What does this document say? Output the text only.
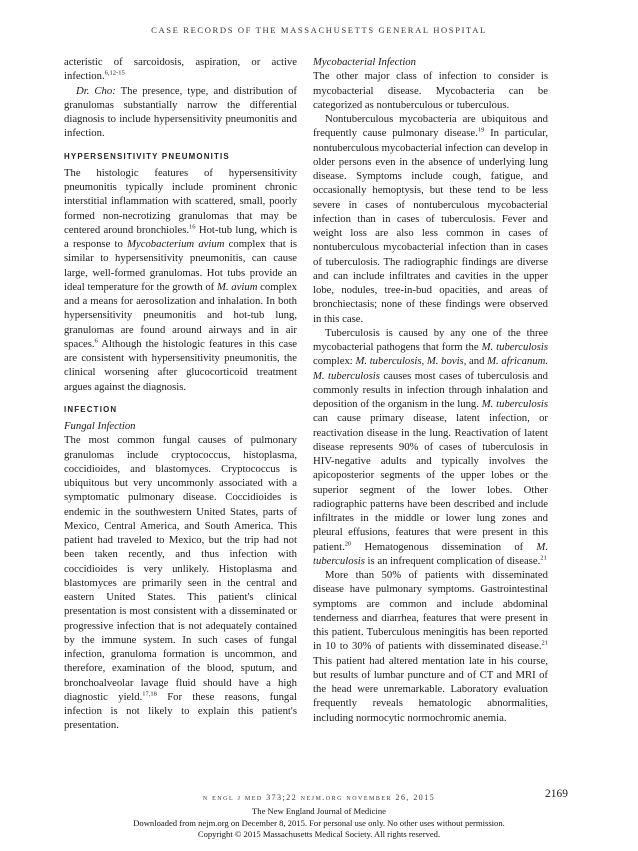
CASE RECORDS OF THE MASSACHUSETTS GENERAL HOSPITAL

acteristic of sarcoidosis, aspiration, or active infection.$^{6,12-15}$

Dr. Cho: The presence, type, and distribution of granulomas substantially narrow the differential diagnosis to include hypersensitivity pneumonitis and infection.

HYPERSENSITIVITY PNEUMONITIS

The histologic features of hypersensitivity pneumonitis typically include prominent chronic interstitial inflammation with scattered, small, poorly formed non-necrotizing granulomas that may be centered around bronchioles.$^{16}$ Hot-tub lung, which is a response to Mycobacterium avium complex that is similar to hypersensitivity pneumonitis, can cause large, well-formed granulomas. Hot tubs provide an ideal temperature for the growth of M. avium complex and a means for aerosolization and inhalation. In both hypersensitivity pneumonitis and hot-tub lung, granulomas are found around airways and in air spaces.$^6$ Although the histologic features in this case are consistent with hypersensitivity pneumonitis, the clinical worsening after glucocorticoid treatment argues against the diagnosis.

INFECTION
Fungal Infection

The most common fungal causes of pulmonary granulomas include cryptococcus, histoplasma, coccidioides, and blastomyces. Cryptococcus is ubiquitous but very uncommonly associated with a symptomatic pulmonary disease. Coccidioides is endemic in the southwestern United States, parts of Mexico, Central America, and South America. This patient had traveled to Mexico, but the trip had not been taken recently, and thus infection with coccidioides is very unlikely. Histoplasma and blastomyces are primarily seen in the central and eastern United States. This patient's clinical presentation is most consistent with a disseminated or progressive infection that is not adequately contained by the immune system. In such cases of fungal infection, granuloma formation is uncommon, and therefore, examination of the blood, sputum, and bronchoalveolar lavage fluid should have a high diagnostic yield.$^{17,18}$ For these reasons, fungal infection is not likely to explain this patient's presentation.

Mycobacterial Infection

The other major class of infection to consider is mycobacterial disease. Mycobacteria can be categorized as nontuberculous or tuberculous.

Nontuberculous mycobacteria are ubiquitous and frequently cause pulmonary disease.$^{19}$ In particular, nontuberculous mycobacterial infection can develop in older persons even in the absence of underlying lung disease. Symptoms include cough, fatigue, and occasionally hemoptysis, but these tend to be less severe in cases of nontuberculous mycobacterial infection than in cases of tuberculosis. Fever and weight loss are also less common in cases of nontuberculous mycobacterial infection than in cases of tuberculosis. The radiographic findings are diverse and can include infiltrates and cavities in the upper lobe, nodules, tree-in-bud opacities, and areas of bronchiectasis; none of these findings were observed in this case.

Tuberculosis is caused by any one of the three mycobacterial pathogens that form the M. tuberculosis complex: M. tuberculosis, M. bovis, and M. africanum. M. tuberculosis causes most cases of tuberculosis and commonly results in infection through inhalation and deposition of the organism in the lung. M. tuberculosis can cause primary disease, latent infection, or reactivation disease in the lung. Reactivation of latent disease represents 90% of cases of tuberculosis in HIV-negative adults and typically involves the apicoposterior segments of the upper lobes or the superior segment of the lower lobes. Other radiographic patterns have been described and include infiltrates in the middle or lower lung zones and pleural effusions, features that were present in this patient.$^{20}$ Hematogenous dissemination of M. tuberculosis is an infrequent complication of disease.$^{21}$

More than 50% of patients with disseminated disease have pulmonary symptoms. Gastrointestinal symptoms are common and include abdominal tenderness and diarrhea, features that were present in this patient. Tuberculous meningitis has been reported in 10 to 30% of patients with disseminated disease.$^{21}$ This patient had altered mentation late in his course, but results of lumbar puncture and of CT and MRI of the head were unremarkable. Laboratory evaluation frequently reveals hematologic abnormalities, including normocytic normochromic anemia.

n engl j med 373;22 nejm.org november 26, 2015	2169
The New England Journal of Medicine
Downloaded from nejm.org on December 8, 2015. For personal use only. No other uses without permission.
Copyright © 2015 Massachusetts Medical Society. All rights reserved.
